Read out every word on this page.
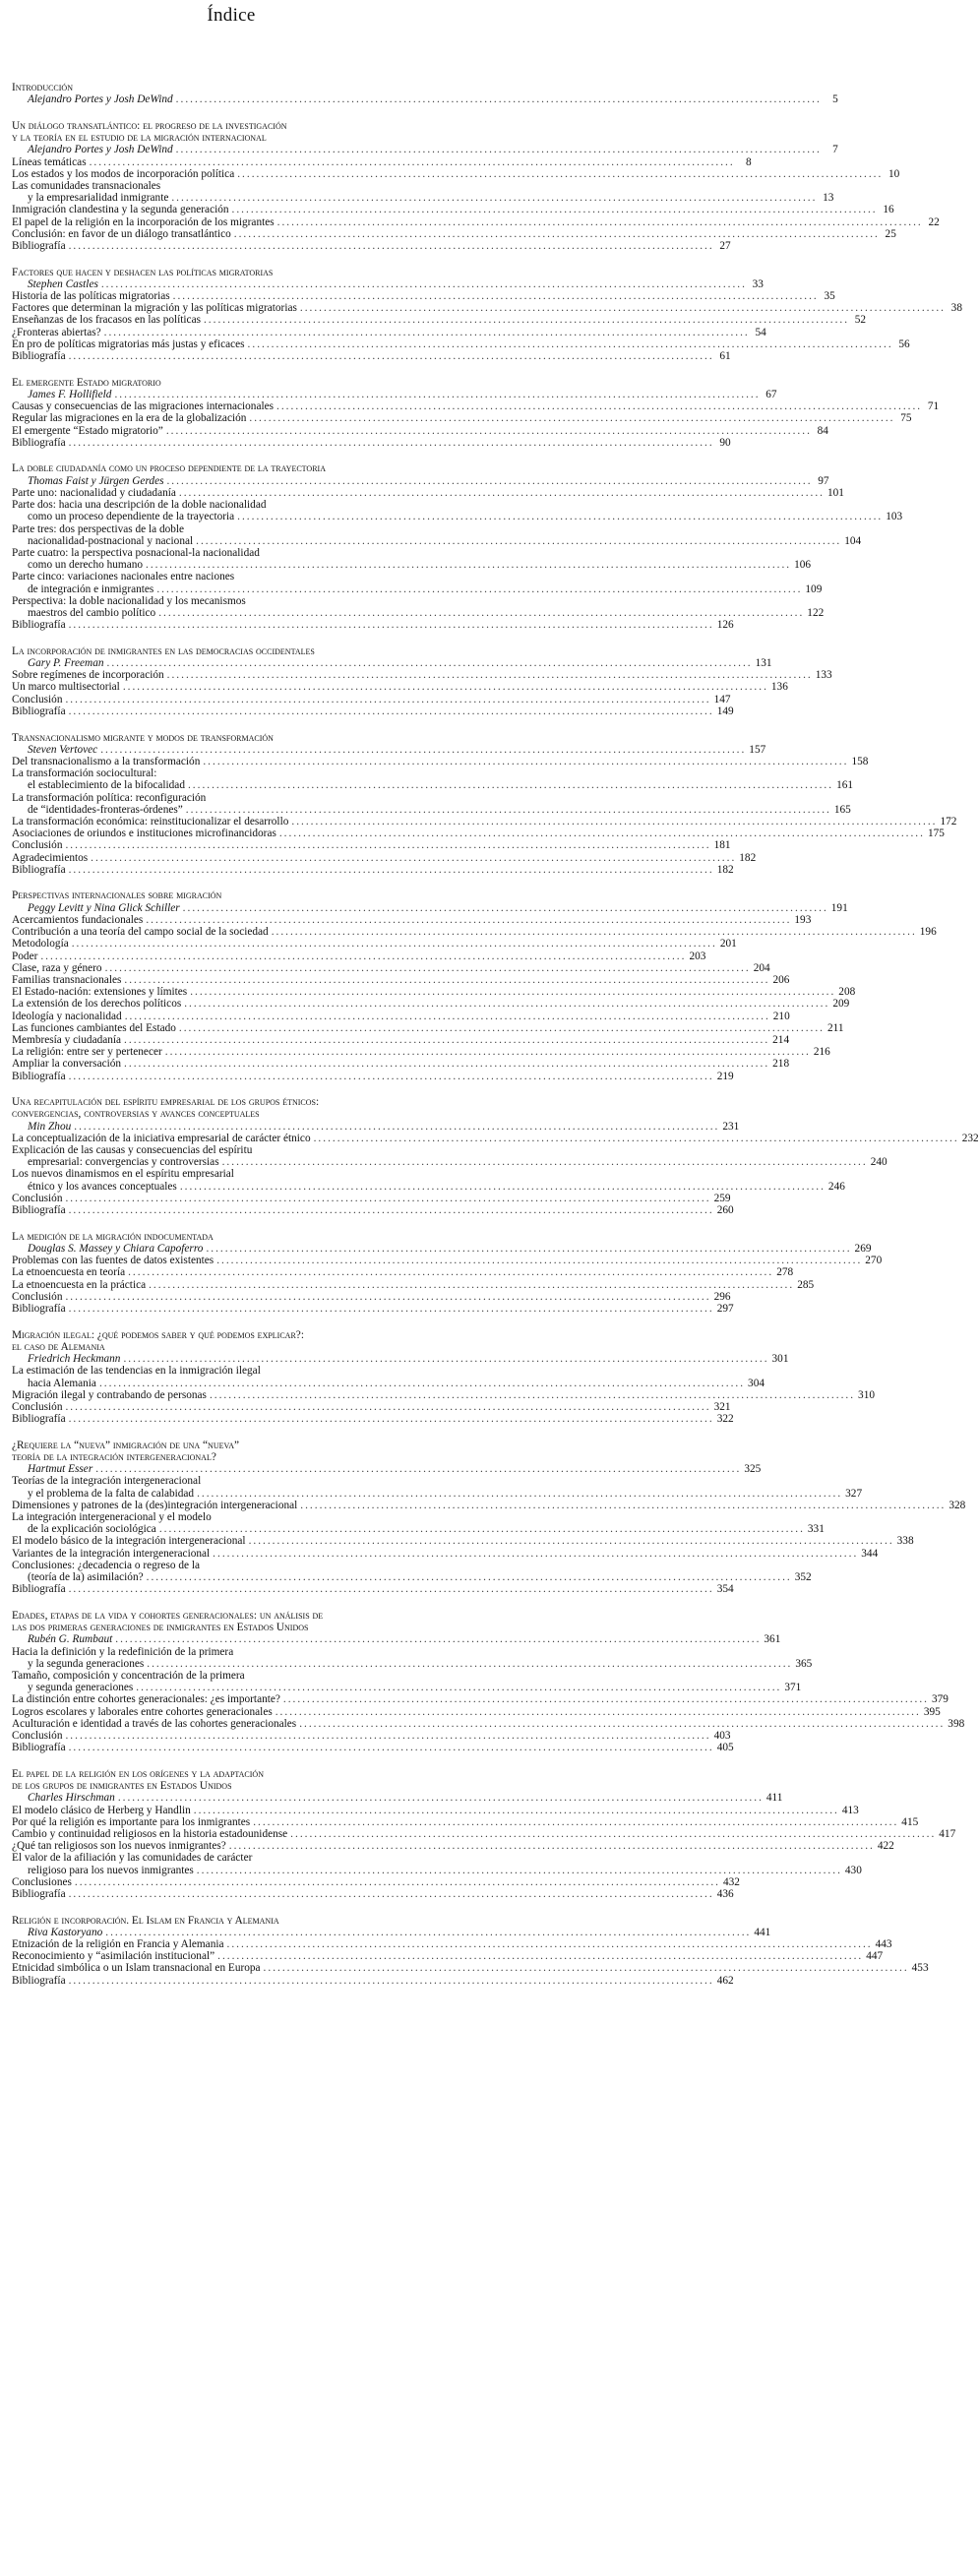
Índice
Introducción
Alejandro Portes y Josh DeWind .....	5
Un diálogo transatlántico: el progreso de la investigación
y la teoría en el estudio de la migración internacional
Alejandro Portes y Josh DeWind .....	7
Líneas temáticas .....	8
Los estados y los modos de incorporación política .....	10
Las comunidades transnacionales
y la empresarialidad inmigrante .....	13
Inmigración clandestina y la segunda generación .....	16
El papel de la religión en la incorporación de los migrantes .....	22
Conclusión: en favor de un diálogo transatlántico .....	25
Bibliografía .....	27
Factores que hacen y deshacen las políticas migratorias
Stephen Castles .....	33
Historia de las políticas migratorias .....	35
Factores que determinan la migración y las políticas migratorias .....	38
Enseñanzas de los fracasos en las políticas .....	52
¿Fronteras abiertas? .....	54
En pro de políticas migratorias más justas y eficaces .....	56
Bibliografía .....	61
El emergente Estado migratorio
James F. Hollifield .....	67
Causas y consecuencias de las migraciones internacionales .....	71
Regular las migraciones en la era de la globalización .....	75
El emergente “Estado migratorio” .....	84
Bibliografía .....	90
La doble ciudadanía como un proceso dependiente de la trayectoria
Thomas Faist y Jürgen Gerdes .....	97
Parte uno: nacionalidad y ciudadanía .....	101
Parte dos: hacia una descripción de la doble nacionalidad
como un proceso dependiente de la trayectoria .....	103
Parte tres: dos perspectivas de la doble
nacionalidad-postnacional y nacional .....	104
Parte cuatro: la perspectiva posnacional-la nacionalidad
como un derecho humano .....	106
Parte cinco: variaciones nacionales entre naciones
de integración e inmigrantes .....	109
Perspectiva: la doble nacionalidad y los mecanismos
maestros del cambio político .....	122
Bibliografía .....	126
La incorporación de inmigrantes en las democracias occidentales
Gary P. Freeman .....	131
Sobre regímenes de incorporación .....	133
Un marco multisectorial .....	136
Conclusión .....	147
Bibliografía .....	149
Transnacionalismo migrante y modos de transformación
Steven Vertovec .....	157
Del transnacionalismo a la transformación .....	158
La transformación sociocultural:
el establecimiento de la bifocalidad .....	161
La transformación política: reconfiguración
de “identidades-fronteras-órdenes” .....	165
La transformación económica: reinstitucionalizar el desarrollo .....	172
Asociaciones de oriundos e instituciones microfinancidoras .....	175
Conclusión .....	181
Agradecimientos .....	182
Bibliografía .....	182
Perspectivas internacionales sobre migración
Peggy Levitt y Nina Glick Schiller .....	191
Acercamientos fundacionales .....	193
Contribución a una teoría del campo social de la sociedad .....	196
Metodología .....	201
Poder .....	203
Clase, raza y género .....	204
Familias transnacionales .....	206
El Estado-nación: extensiones y límites .....	208
La extensión de los derechos políticos .....	209
Ideología y nacionalidad .....	210
Las funciones cambiantes del Estado .....	211
Membresía y ciudadanía .....	214
La religión: entre ser y pertenecer .....	216
Ampliar la conversación .....	218
Bibliografía .....	219
Una recapitulación del espíritu empresarial de los grupos étnicos:
convergencias, controversias y avances conceptuales
Min Zhou .....	231
La conceptualización de la iniciativa empresarial de carácter étnico .....	232
Explicación de las causas y consecuencias del espíritu
empresarial: convergencias y controversias .....	240
Los nuevos dinamismos en el espíritu empresarial
étnico y los avances conceptuales .....	246
Conclusión .....	259
Bibliografía .....	260
La medición de la migración indocumentada
Douglas S. Massey y Chiara Capoferro .....	269
Problemas con las fuentes de datos existentes .....	270
La etnoencuesta en teoría .....	278
La etnoencuesta en la práctica .....	285
Conclusión .....	296
Bibliografía .....	297
Migración ilegal: ¿qué podemos saber y qué podemos explicar?:
el caso de Alemania
Friedrich Heckmann .....	301
La estimación de las tendencias en la inmigración ilegal
hacia Alemania .....	304
Migración ilegal y contrabando de personas .....	310
Conclusión .....	321
Bibliografía .....	322
¿Requiere la “nueva” inmigración de una “nueva”
teoría de la integración intergeneracional?
Hartmut Esser .....	325
Teorías de la integración intergeneracional
y el problema de la falta de calabidad .....	327
Dimensiones y patrones de la (des)integración intergeneracional .....	328
La integración intergeneracional y el modelo
de la explicación sociológica .....	331
El modelo básico de la integración intergeneracional .....	338
Variantes de la integración intergeneracional .....	344
Conclusiones: ¿decadencia o regreso de la
(teoría de la) asimilación? .....	352
Bibliografía .....	354
Edades, etapas de la vida y cohortes generacionales: un análisis de
las dos primeras generaciones de inmigrantes en Estados Unidos
Rubén G. Rumbaut .....	361
Hacia la definición y la redefinición de la primera
y la segunda generaciones .....	365
Tamaño, composición y concentración de la primera
y segunda generaciones .....	371
La distinción entre cohortes generacionales: ¿es importante? .....	379
Logros escolares y laborales entre cohortes generacionales .....	395
Aculturación e identidad a través de las cohortes generacionales .....	398
Conclusión .....	403
Bibliografía .....	405
El papel de la religión en los orígenes y la adaptación
de los grupos de inmigrantes en Estados Unidos
Charles Hirschman .....	411
El modelo clásico de Herberg y Handlin .....	413
Por qué la religión es importante para los inmigrantes .....	415
Cambio y continuidad religiosos en la historia estadounidense .....	417
¿Qué tan religiosos son los nuevos inmigrantes? .....	422
El valor de la afiliación y las comunidades de carácter
religioso para los nuevos inmigrantes .....	430
Conclusiones .....	432
Bibliografía .....	436
Religión e incorporación. El Islam en Francia y Alemania
Riva Kastoryano .....	441
Etnización de la religión en Francia y Alemania .....	443
Reconocimiento y “asimilación institucional” .....	447
Etnicidad simbólica o un Islam transnacional en Europa .....	453
Bibliografía .....	462
